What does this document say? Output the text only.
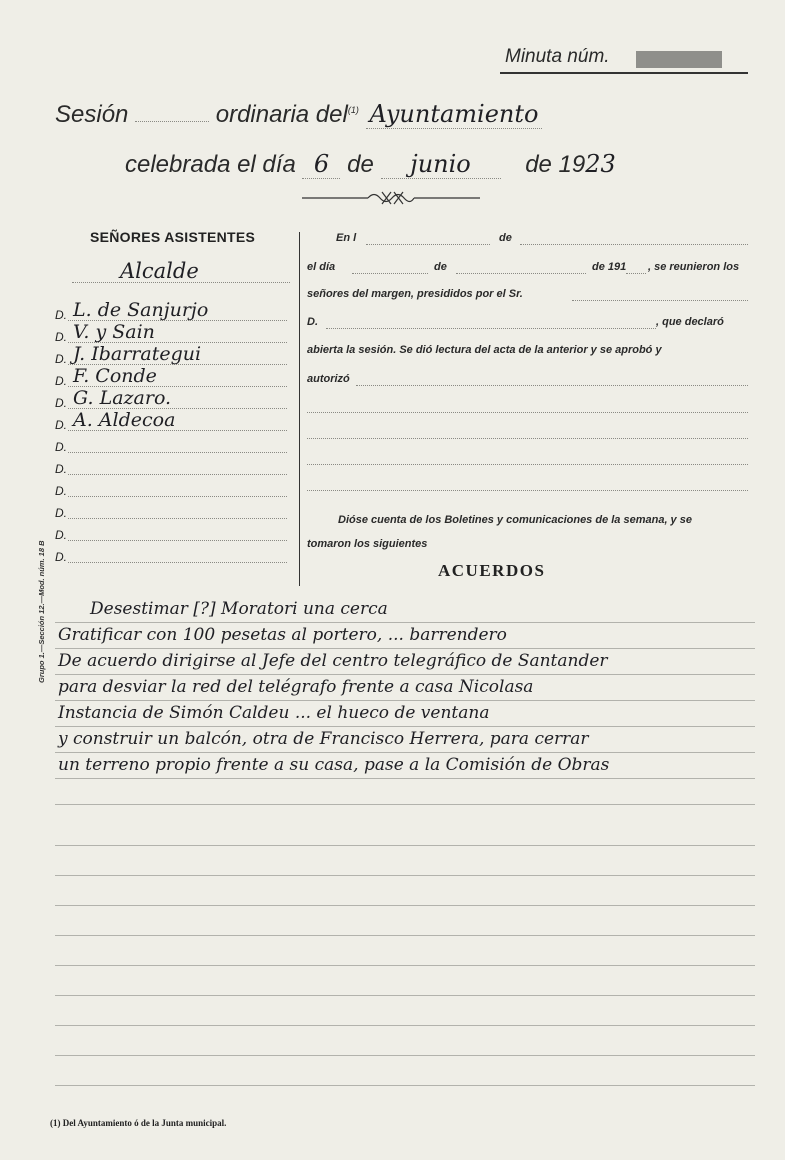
Minuta núm.
Sesión	ordinaria del$^{(1)}$ Ayuntamiento
celebrada el día 6 de junio de 1923
SEÑORES ASISTENTES
Alcalde
D. L. de Sanjurjo
D. V. y Sain
D. J. Ibarrategui
D. F. Conde
D. G. Lazaro.
D. A. Aldecoa
D.
D.
D.
D.
D.
D.
Grupo 1.—Sección 12.—Mod. núm. 18 B
En l	de
el día	de	de 191 , se reunieron los
señores del margen, presididos por el Sr.
D.	, que declaró
abierta la sesión. Se dió lectura del acta de la anterior y se aprobó y
autorizó
Dióse cuenta de los Boletines y comunicaciones de la semana, y se
tomaron los siguientes
ACUERDOS
Desestimar [?] Moratori una cerca
Gratificar con 100 pesetas al portero, ... barrendero
De acuerdo dirigirse al Jefe del centro telegráfico de Santander
para desviar la red del telégrafo frente a casa Nicolasa
Instancia de Simón Caldeu ... el hueco de ventana
y construir un balcón, otra de Francisco Herrera, para cerrar
un terreno propio frente a su casa, pase a la Comisión de Obras
(1) Del Ayuntamiento ó de la Junta municipal.
